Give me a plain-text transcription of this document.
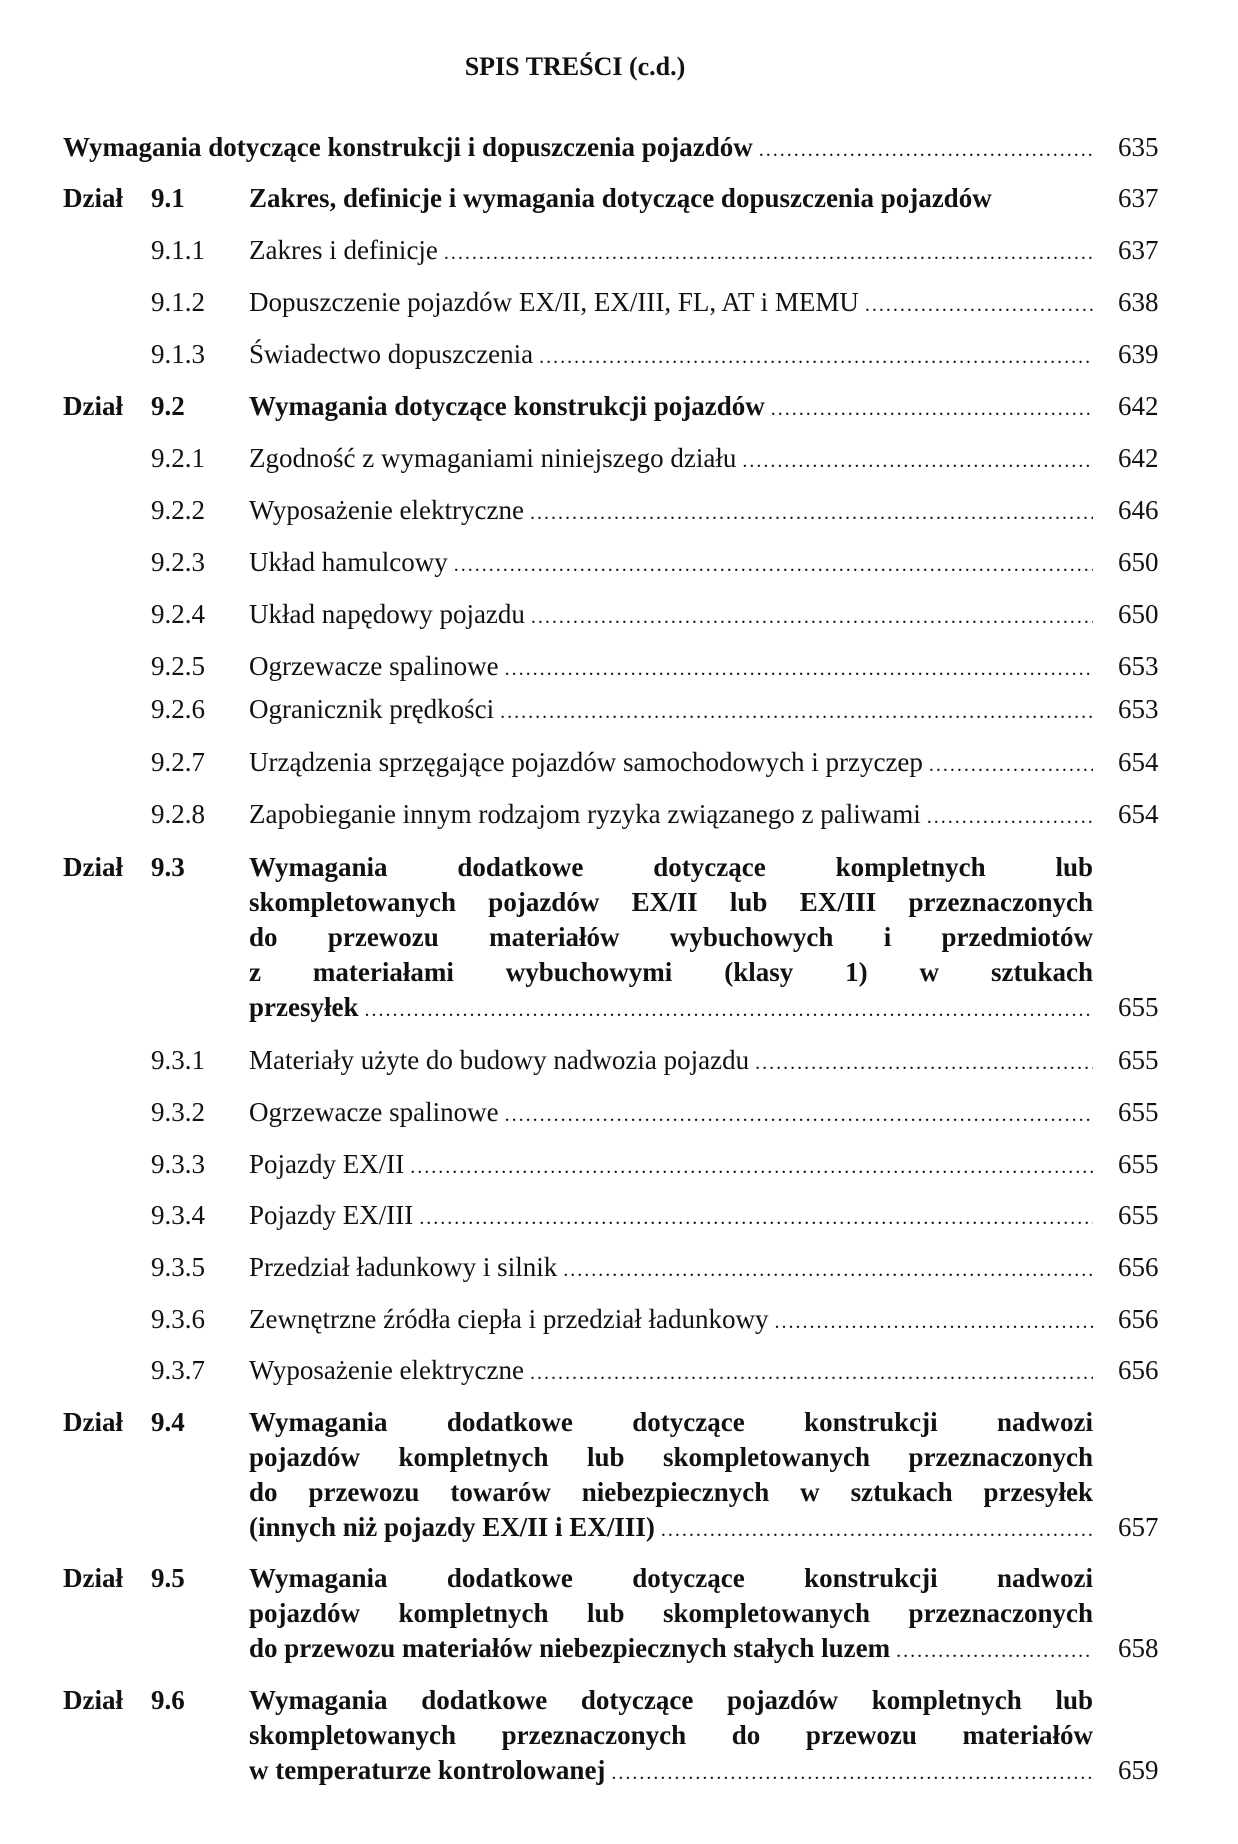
SPIS TREŚCI (c.d.)
Wymagania dotyczące konstrukcji i dopuszczenia pojazdów .....	635
Dział 9.1 Zakres, definicje i wymagania dotyczące dopuszczenia pojazdów	637
9.1.1 Zakres i definicje .....	637
9.1.2 Dopuszczenie pojazdów EX/II, EX/III, FL, AT i MEMU .....	638
9.1.3 Świadectwo dopuszczenia .....	639
Dział 9.2 Wymagania dotyczące konstrukcji pojazdów .....	642
9.2.1 Zgodność z wymaganiami niniejszego działu .....	642
9.2.2 Wyposażenie elektryczne .....	646
9.2.3 Układ hamulcowy .....	650
9.2.4 Układ napędowy pojazdu .....	650
9.2.5 Ogrzewacze spalinowe .....	653
9.2.6 Ogranicznik prędkości .....	653
9.2.7 Urządzenia sprzęgające pojazdów samochodowych i przyczep .....	654
9.2.8 Zapobieganie innym rodzajom ryzyka związanego z paliwami .....	654
Dział 9.3 Wymagania dodatkowe dotyczące kompletnych lub
skompletowanych pojazdów EX/II lub EX/III przeznaczonych
do przewozu materiałów wybuchowych i przedmiotów
z materiałami wybuchowymi (klasy 1) w sztukach
przesyłek .....	655
9.3.1 Materiały użyte do budowy nadwozia pojazdu .....	655
9.3.2 Ogrzewacze spalinowe .....	655
9.3.3 Pojazdy EX/II .....	655
9.3.4 Pojazdy EX/III .....	655
9.3.5 Przedział ładunkowy i silnik .....	656
9.3.6 Zewnętrzne źródła ciepła i przedział ładunkowy .....	656
9.3.7 Wyposażenie elektryczne .....	656
Dział 9.4 Wymagania dodatkowe dotyczące konstrukcji nadwozi
pojazdów kompletnych lub skompletowanych przeznaczonych
do przewozu towarów niebezpiecznych w sztukach przesyłek
(innych niż pojazdy EX/II i EX/III) .....	657
Dział 9.5 Wymagania dodatkowe dotyczące konstrukcji nadwozi
pojazdów kompletnych lub skompletowanych przeznaczonych
do przewozu materiałów niebezpiecznych stałych luzem .....	658
Dział 9.6 Wymagania dodatkowe dotyczące pojazdów kompletnych lub
skompletowanych przeznaczonych do przewozu materiałów
w temperaturze kontrolowanej .....	659
